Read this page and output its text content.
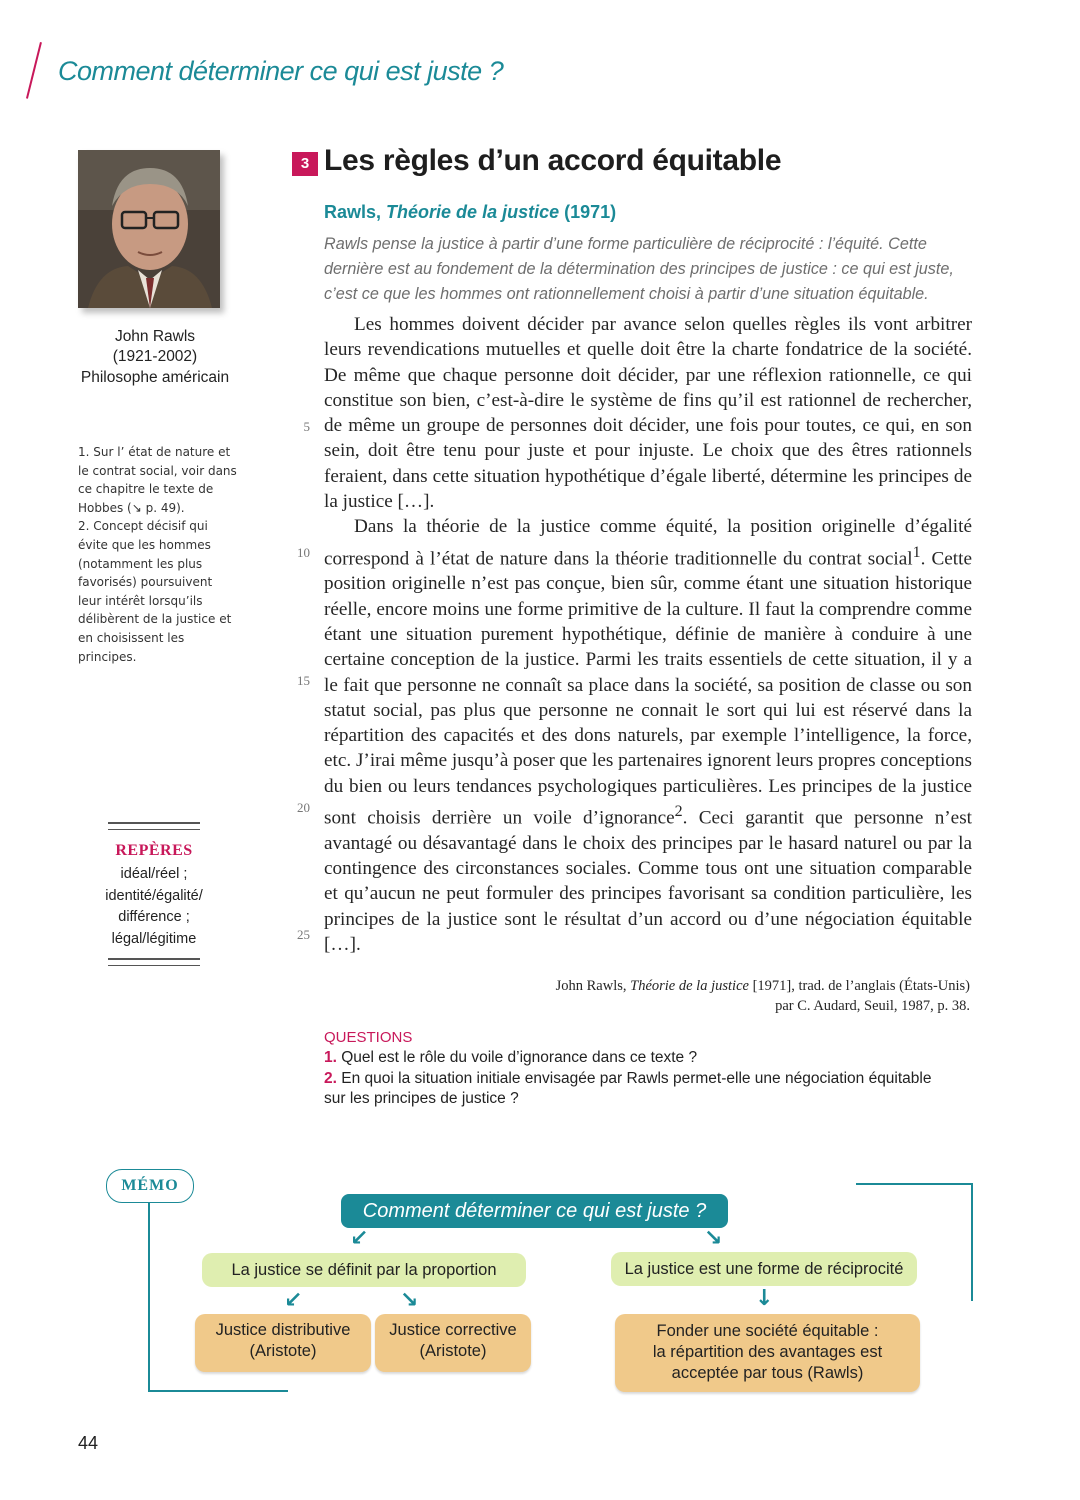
Comment déterminer ce qui est juste ?
John Rawls
(1921-2002)
Philosophe américain
1. Sur l’ état de nature et le contrat social, voir dans ce chapitre le texte de Hobbes (↘ p. 49).
2. Concept décisif qui évite que les hommes (notamment les plus favorisés) poursuivent leur intérêt lorsqu’ils délibèrent de la justice et en choisissent les principes.
REPÈRES
idéal/réel ;
identité/égalité/
différence ;
légal/légitime
3 Les règles d’un accord équitable
Rawls, Théorie de la justice (1971)
Rawls pense la justice à partir d’une forme particulière de réciprocité : l’équité. Cette dernière est au fondement de la détermination des principes de justice : ce qui est juste, c’est ce que les hommes ont rationnellement choisi à partir d’une situation équitable.

Les hommes doivent décider par avance selon quelles règles ils vont arbitrer leurs revendications mutuelles et quelle doit être la charte fondatrice de la société. De même que chaque personne doit décider, par une réflexion rationnelle, ce qui constitue son bien, c’est-à-dire le système de fins qu’il est rationnel de rechercher, de même un groupe de personnes doit décider, une fois pour toutes, ce qui, en son sein, doit être tenu pour juste et pour injuste. Le choix que des êtres rationnels feraient, dans cette situation hypothétique d’égale liberté, détermine les principes de la justice […].

Dans la théorie de la justice comme équité, la position originelle d’égalité correspond à l’état de nature dans la théorie traditionnelle du contrat social$^1$. Cette position originelle n’est pas conçue, bien sûr, comme étant une situation historique réelle, encore moins une forme primitive de la culture. Il faut la comprendre comme étant une situation purement hypothétique, définie de manière à conduire à une certaine conception de la justice. Parmi les traits essentiels de cette situation, il y a le fait que personne ne connaît sa place dans la société, sa position de classe ou son statut social, pas plus que personne ne connait le sort qui lui est réservé dans la répartition des capacités et des dons naturels, par exemple l’intelligence, la force, etc. J’irai même jusqu’à poser que les partenaires ignorent leurs propres conceptions du bien ou leurs tendances psychologiques particulières. Les principes de la justice sont choisis derrière un voile d’ignorance$^2$. Ceci garantit que personne n’est avantagé ou désavantagé dans le choix des principes par le hasard naturel ou par la contingence des circonstances sociales. Comme tous ont une situation comparable et qu’aucun ne peut formuler des principes favorisant sa condition particulière, les principes de la justice sont le résultat d’un accord ou d’une négociation équitable […].

5
10
15
20
25
John Rawls, Théorie de la justice [1971], trad. de l’anglais (États-Unis)
par C. Audard, Seuil, 1987, p. 38.
QUESTIONS
1. Quel est le rôle du voile d’ignorance dans ce texte ?
2. En quoi la situation initiale envisagée par Rawls permet-elle une négociation équitable sur les principes de justice ?
MÉMO
Comment déterminer ce qui est juste ?
↙	↘
La justice se définit par la proportion	La justice est une forme de réciprocité
↙	↘	↓
Justice distributive
(Aristote)
Justice corrective
(Aristote)
Fonder une société équitable :
la répartition des avantages est
acceptée par tous (Rawls)
44
